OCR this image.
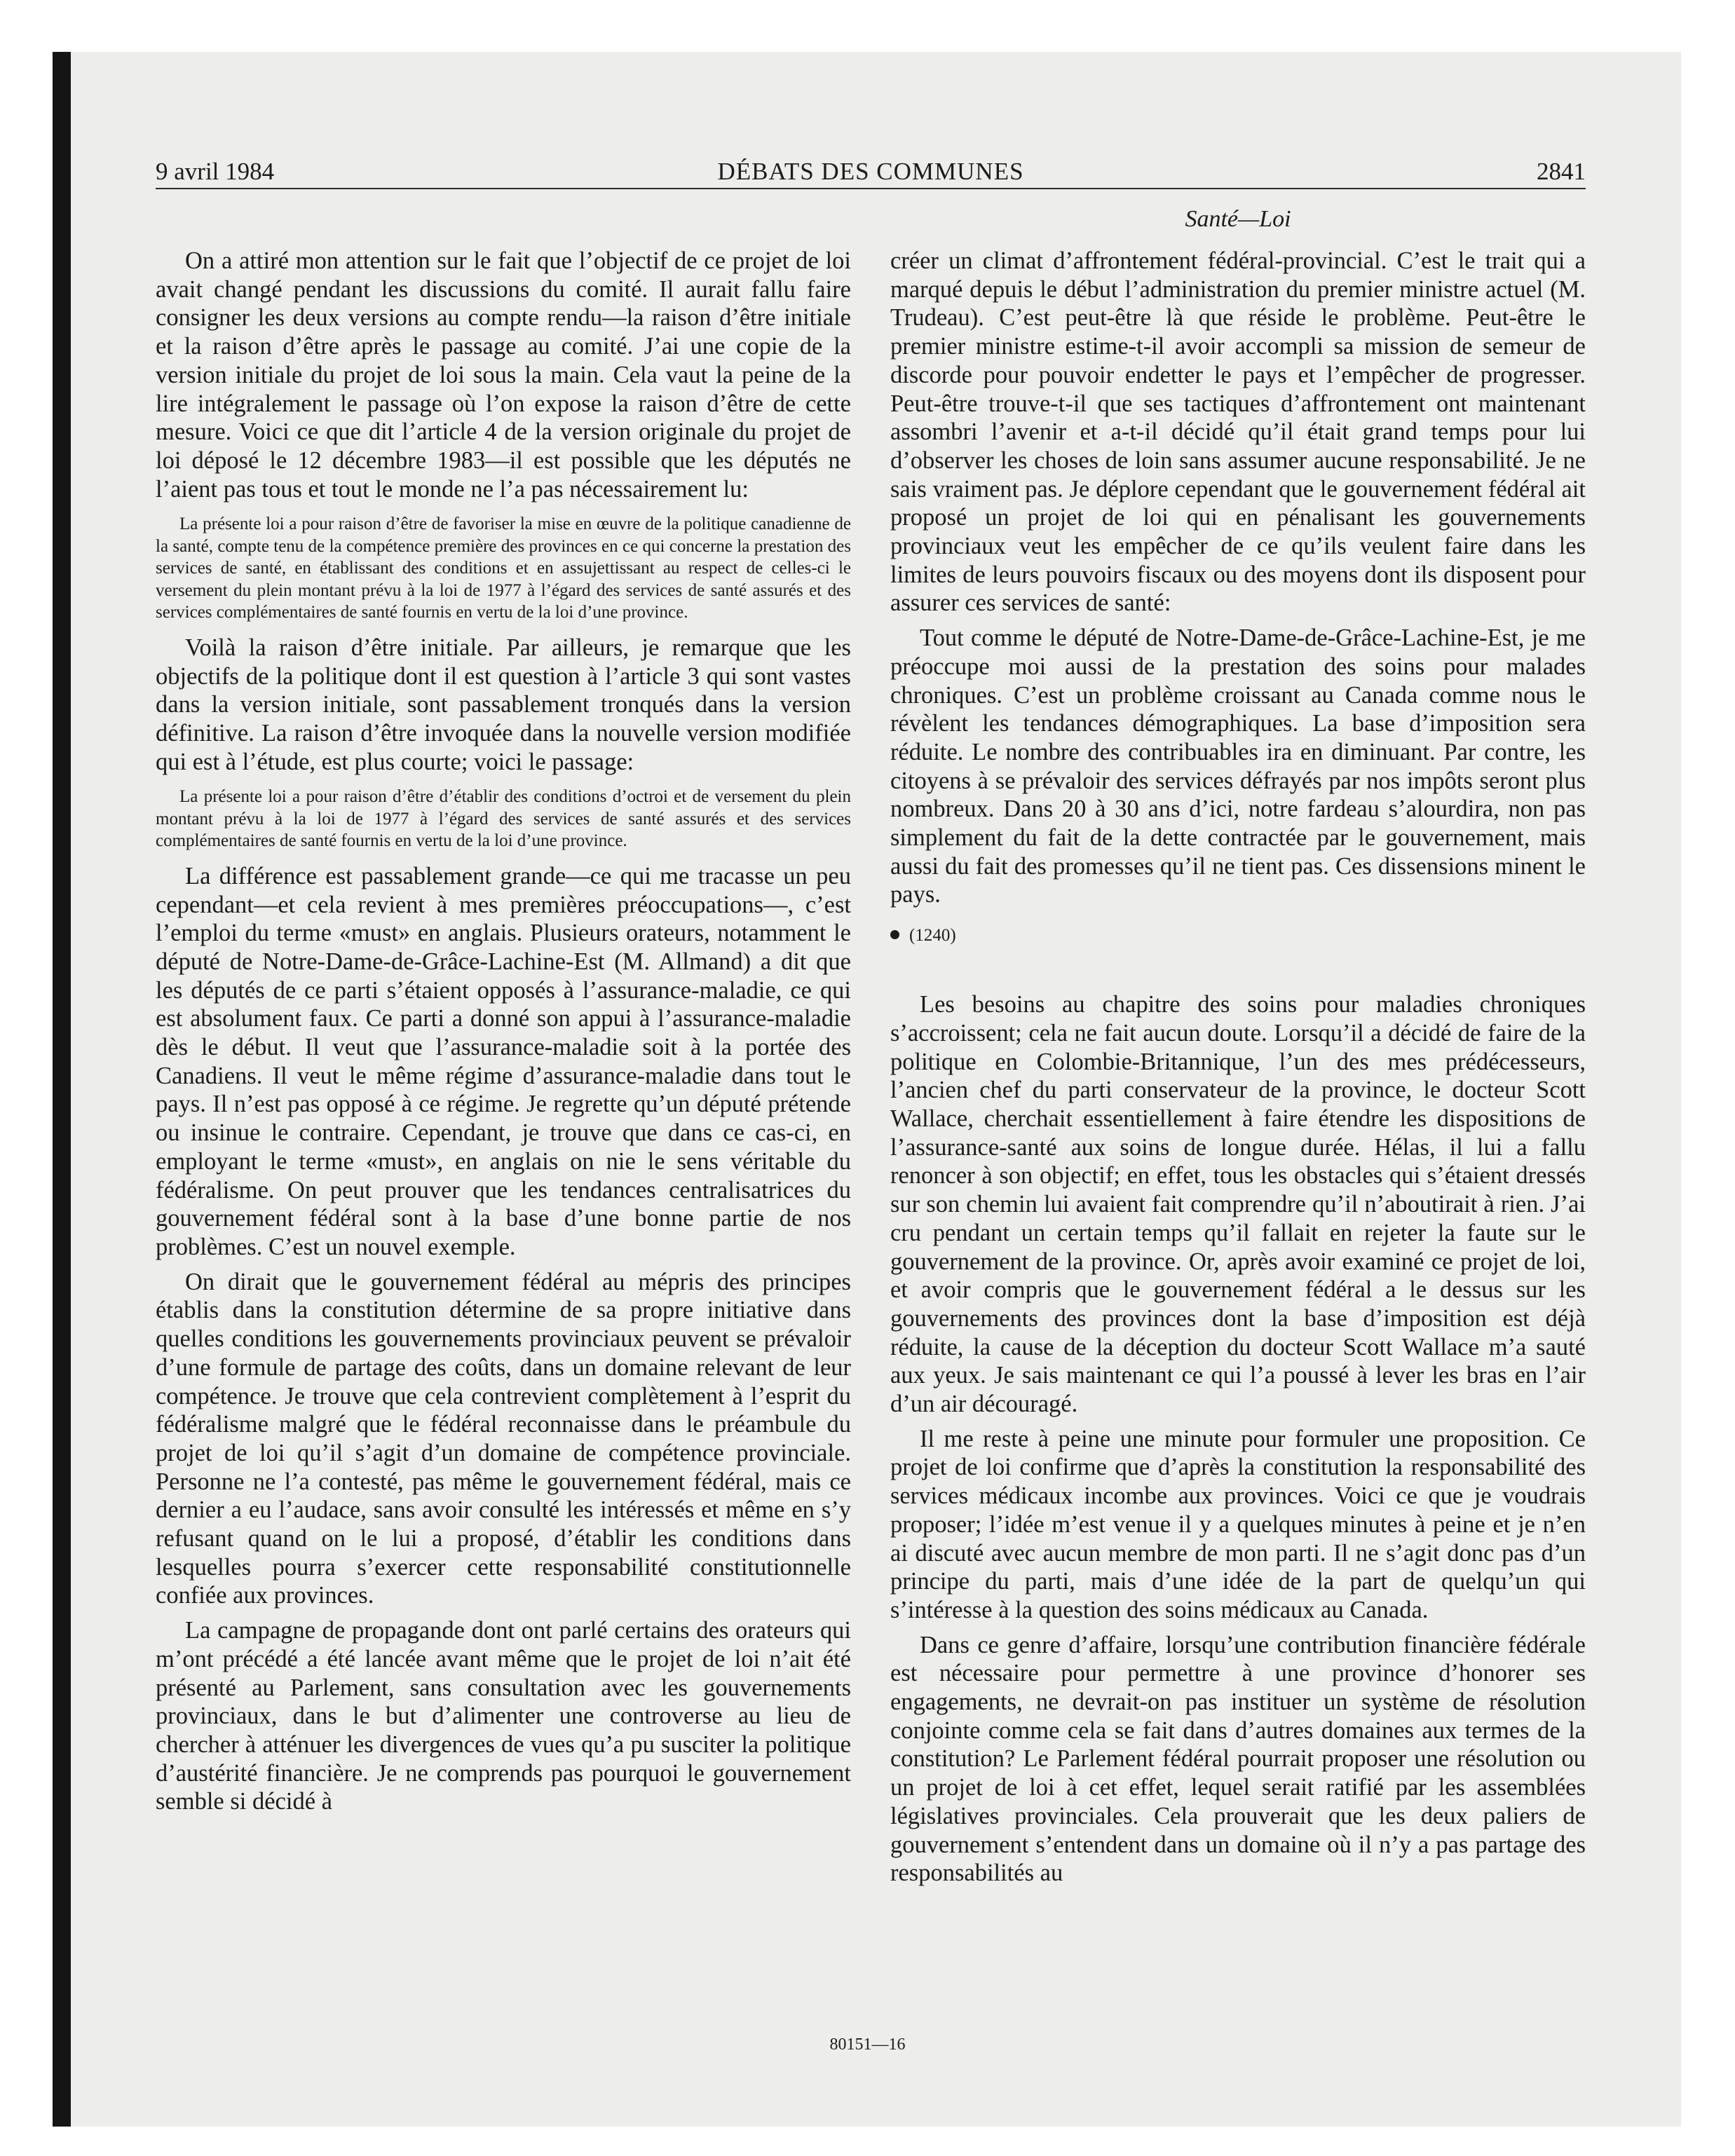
9 avril 1984	DÉBATS DES COMMUNES	2841
Santé—Loi

On a attiré mon attention sur le fait que l’objectif de ce projet de loi avait changé pendant les discussions du comité. Il aurait fallu faire consigner les deux versions au compte rendu—la raison d’être initiale et la raison d’être après le passage au comité. J’ai une copie de la version initiale du projet de loi sous la main. Cela vaut la peine de la lire intégralement le passage où l’on expose la raison d’être de cette mesure. Voici ce que dit l’article 4 de la version originale du projet de loi déposé le 12 décembre 1983—il est possible que les députés ne l’aient pas tous et tout le monde ne l’a pas nécessairement lu:

La présente loi a pour raison d’être de favoriser la mise en œuvre de la politique canadienne de la santé, compte tenu de la compétence première des provinces en ce qui concerne la prestation des services de santé, en établissant des conditions et en assujettissant au respect de celles-ci le versement du plein montant prévu à la loi de 1977 à l’égard des services de santé assurés et des services complémentaires de santé fournis en vertu de la loi d’une province.

Voilà la raison d’être initiale. Par ailleurs, je remarque que les objectifs de la politique dont il est question à l’article 3 qui sont vastes dans la version initiale, sont passablement tronqués dans la version définitive. La raison d’être invoquée dans la nouvelle version modifiée qui est à l’étude, est plus courte; voici le passage:

La présente loi a pour raison d’être d’établir des conditions d’octroi et de versement du plein montant prévu à la loi de 1977 à l’égard des services de santé assurés et des services complémentaires de santé fournis en vertu de la loi d’une province.

La différence est passablement grande—ce qui me tracasse un peu cependant—et cela revient à mes premières préoccupations—, c’est l’emploi du terme «must» en anglais. Plusieurs orateurs, notamment le député de Notre-Dame-de-Grâce-Lachine-Est (M. Allmand) a dit que les députés de ce parti s’étaient opposés à l’assurance-maladie, ce qui est absolument faux. Ce parti a donné son appui à l’assurance-maladie dès le début. Il veut que l’assurance-maladie soit à la portée des Canadiens. Il veut le même régime d’assurance-maladie dans tout le pays. Il n’est pas opposé à ce régime. Je regrette qu’un député prétende ou insinue le contraire. Cependant, je trouve que dans ce cas-ci, en employant le terme «must», en anglais on nie le sens véritable du fédéralisme. On peut prouver que les tendances centralisatrices du gouvernement fédéral sont à la base d’une bonne partie de nos problèmes. C’est un nouvel exemple.

On dirait que le gouvernement fédéral au mépris des principes établis dans la constitution détermine de sa propre initiative dans quelles conditions les gouvernements provinciaux peuvent se prévaloir d’une formule de partage des coûts, dans un domaine relevant de leur compétence. Je trouve que cela contrevient complètement à l’esprit du fédéralisme malgré que le fédéral reconnaisse dans le préambule du projet de loi qu’il s’agit d’un domaine de compétence provinciale. Personne ne l’a contesté, pas même le gouvernement fédéral, mais ce dernier a eu l’audace, sans avoir consulté les intéressés et même en s’y refusant quand on le lui a proposé, d’établir les conditions dans lesquelles pourra s’exercer cette responsabilité constitutionnelle confiée aux provinces.

La campagne de propagande dont ont parlé certains des orateurs qui m’ont précédé a été lancée avant même que le projet de loi n’ait été présenté au Parlement, sans consultation avec les gouvernements provinciaux, dans le but d’alimenter une controverse au lieu de chercher à atténuer les divergences de vues qu’a pu susciter la politique d’austérité financière. Je ne comprends pas pourquoi le gouvernement semble si décidé à

créer un climat d’affrontement fédéral-provincial. C’est le trait qui a marqué depuis le début l’administration du premier ministre actuel (M. Trudeau). C’est peut-être là que réside le problème. Peut-être le premier ministre estime-t-il avoir accompli sa mission de semeur de discorde pour pouvoir endetter le pays et l’empêcher de progresser. Peut-être trouve-t-il que ses tactiques d’affrontement ont maintenant assombri l’avenir et a-t-il décidé qu’il était grand temps pour lui d’observer les choses de loin sans assumer aucune responsabilité. Je ne sais vraiment pas. Je déplore cependant que le gouvernement fédéral ait proposé un projet de loi qui en pénalisant les gouvernements provinciaux veut les empêcher de ce qu’ils veulent faire dans les limites de leurs pouvoirs fiscaux ou des moyens dont ils disposent pour assurer ces services de santé:

Tout comme le député de Notre-Dame-de-Grâce-Lachine-Est, je me préoccupe moi aussi de la prestation des soins pour malades chroniques. C’est un problème croissant au Canada comme nous le révèlent les tendances démographiques. La base d’imposition sera réduite. Le nombre des contribuables ira en diminuant. Par contre, les citoyens à se prévaloir des services défrayés par nos impôts seront plus nombreux. Dans 20 à 30 ans d’ici, notre fardeau s’alourdira, non pas simplement du fait de la dette contractée par le gouvernement, mais aussi du fait des promesses qu’il ne tient pas. Ces dissensions minent le pays.

(1240)

Les besoins au chapitre des soins pour maladies chroniques s’accroissent; cela ne fait aucun doute. Lorsqu’il a décidé de faire de la politique en Colombie-Britannique, l’un des mes prédécesseurs, l’ancien chef du parti conservateur de la province, le docteur Scott Wallace, cherchait essentiellement à faire étendre les dispositions de l’assurance-santé aux soins de longue durée. Hélas, il lui a fallu renoncer à son objectif; en effet, tous les obstacles qui s’étaient dressés sur son chemin lui avaient fait comprendre qu’il n’aboutirait à rien. J’ai cru pendant un certain temps qu’il fallait en rejeter la faute sur le gouvernement de la province. Or, après avoir examiné ce projet de loi, et avoir compris que le gouvernement fédéral a le dessus sur les gouvernements des provinces dont la base d’imposition est déjà réduite, la cause de la déception du docteur Scott Wallace m’a sauté aux yeux. Je sais maintenant ce qui l’a poussé à lever les bras en l’air d’un air découragé.

Il me reste à peine une minute pour formuler une proposition. Ce projet de loi confirme que d’après la constitution la responsabilité des services médicaux incombe aux provinces. Voici ce que je voudrais proposer; l’idée m’est venue il y a quelques minutes à peine et je n’en ai discuté avec aucun membre de mon parti. Il ne s’agit donc pas d’un principe du parti, mais d’une idée de la part de quelqu’un qui s’intéresse à la question des soins médicaux au Canada.

Dans ce genre d’affaire, lorsqu’une contribution financière fédérale est nécessaire pour permettre à une province d’honorer ses engagements, ne devrait-on pas instituer un système de résolution conjointe comme cela se fait dans d’autres domaines aux termes de la constitution? Le Parlement fédéral pourrait proposer une résolution ou un projet de loi à cet effet, lequel serait ratifié par les assemblées législatives provinciales. Cela prouverait que les deux paliers de gouvernement s’entendent dans un domaine où il n’y a pas partage des responsabilités au

80151—16
